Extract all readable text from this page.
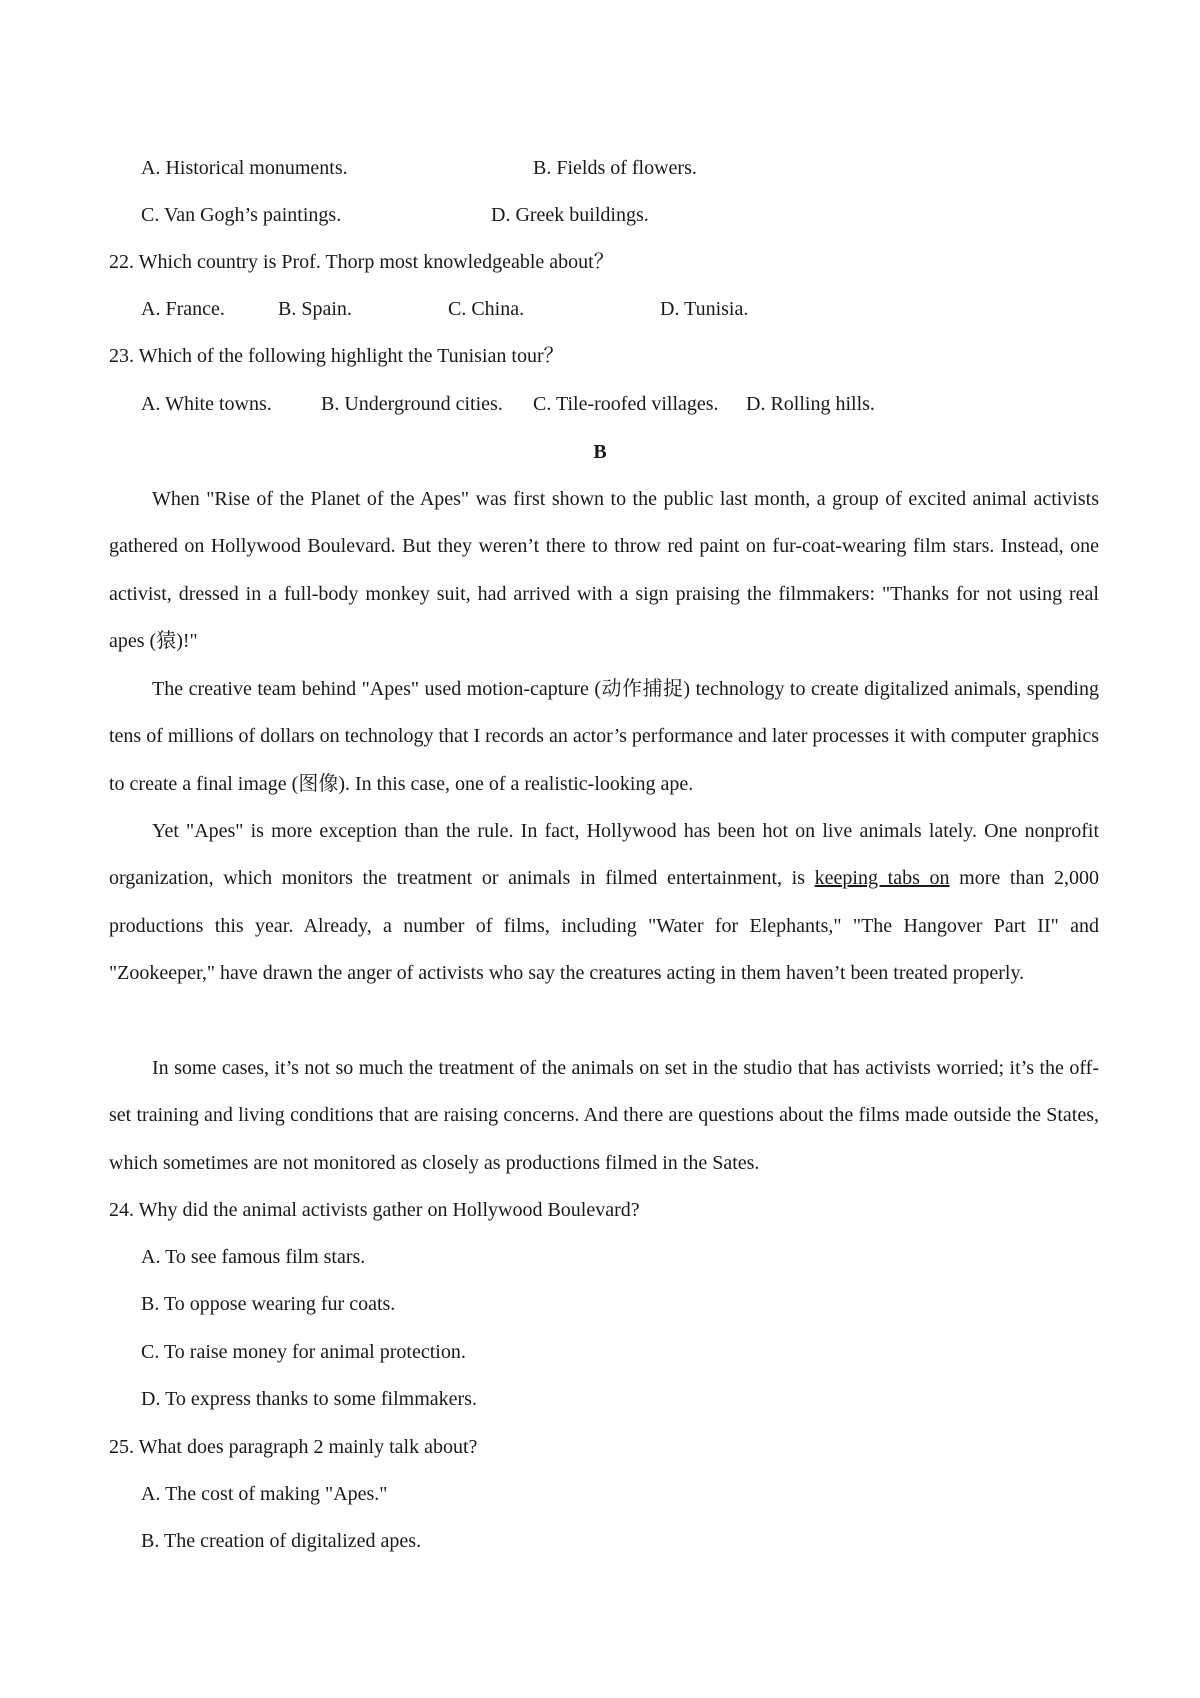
A. Historical monuments.	B. Fields of flowers.
C. Van Gogh’s paintings.	D. Greek buildings.
22. Which country is Prof. Thorp most knowledgeable about？
A. France.	B. Spain.	C. China.	D. Tunisia.
23. Which of the following highlight the Tunisian tour？
A. White towns. B. Underground cities. C. Tile-roofed villages. D. Rolling hills.
B

When "Rise of the Planet of the Apes" was first shown to the public last month, a group of excited animal activists gathered on Hollywood Boulevard. But they weren’t there to throw red paint on fur-coat-wearing film stars. Instead, one activist, dressed in a full-body monkey suit, had arrived with a sign praising the filmmakers: "Thanks for not using real apes (猿)!"

The creative team behind "Apes" used motion-capture (动作捕捉) technology to create digitalized animals, spending tens of millions of dollars on technology that I records an actor’s performance and later processes it with computer graphics to create a final image (图像). In this case, one of a realistic-looking ape.

Yet "Apes" is more exception than the rule. In fact, Hollywood has been hot on live animals lately. One nonprofit organization, which monitors the treatment or animals in filmed entertainment, is keeping tabs on more than 2,000 productions this year. Already, a number of films, including "Water for Elephants," "The Hangover Part II" and "Zookeeper," have drawn the anger of activists who say the creatures acting in them haven’t been treated properly.

In some cases, it’s not so much the treatment of the animals on set in the studio that has activists worried; it’s the off-set training and living conditions that are raising concerns. And there are questions about the films made outside the States, which sometimes are not monitored as closely as productions filmed in the Sates.

24. Why did the animal activists gather on Hollywood Boulevard?
A. To see famous film stars.
B. To oppose wearing fur coats.
C. To raise money for animal protection.
D. To express thanks to some filmmakers.
25. What does paragraph 2 mainly talk about?
A. The cost of making "Apes."
B. The creation of digitalized apes.
